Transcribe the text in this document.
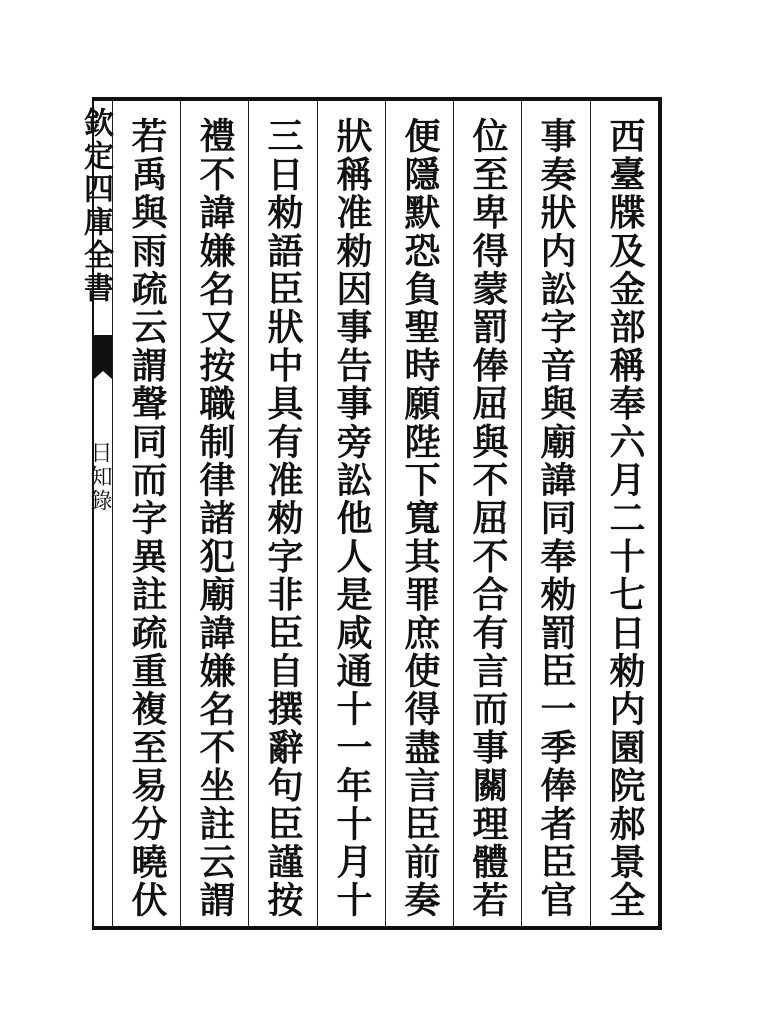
欽定四庫全書
日知錄	西臺牒及金部稱奉六月二十七日勑内園院郝景全
事奏狀内訟字音與廟諱同奉勑罰臣一季俸者臣官
位至卑得蒙罰俸屈與不屈不合有言而事關理體若
便隱默恐負聖時願陛下寬其罪庶使得盡言臣前奏
狀稱准勑因事告事旁訟他人是咸通十一年十月十
三日勑語臣狀中具有准勑字非臣自撰辭句臣謹按
禮不諱嫌名又按職制律諸犯廟諱嫌名不坐註云謂
若禹與雨疏云謂聲同而字異註疏重複至易分曉伏
